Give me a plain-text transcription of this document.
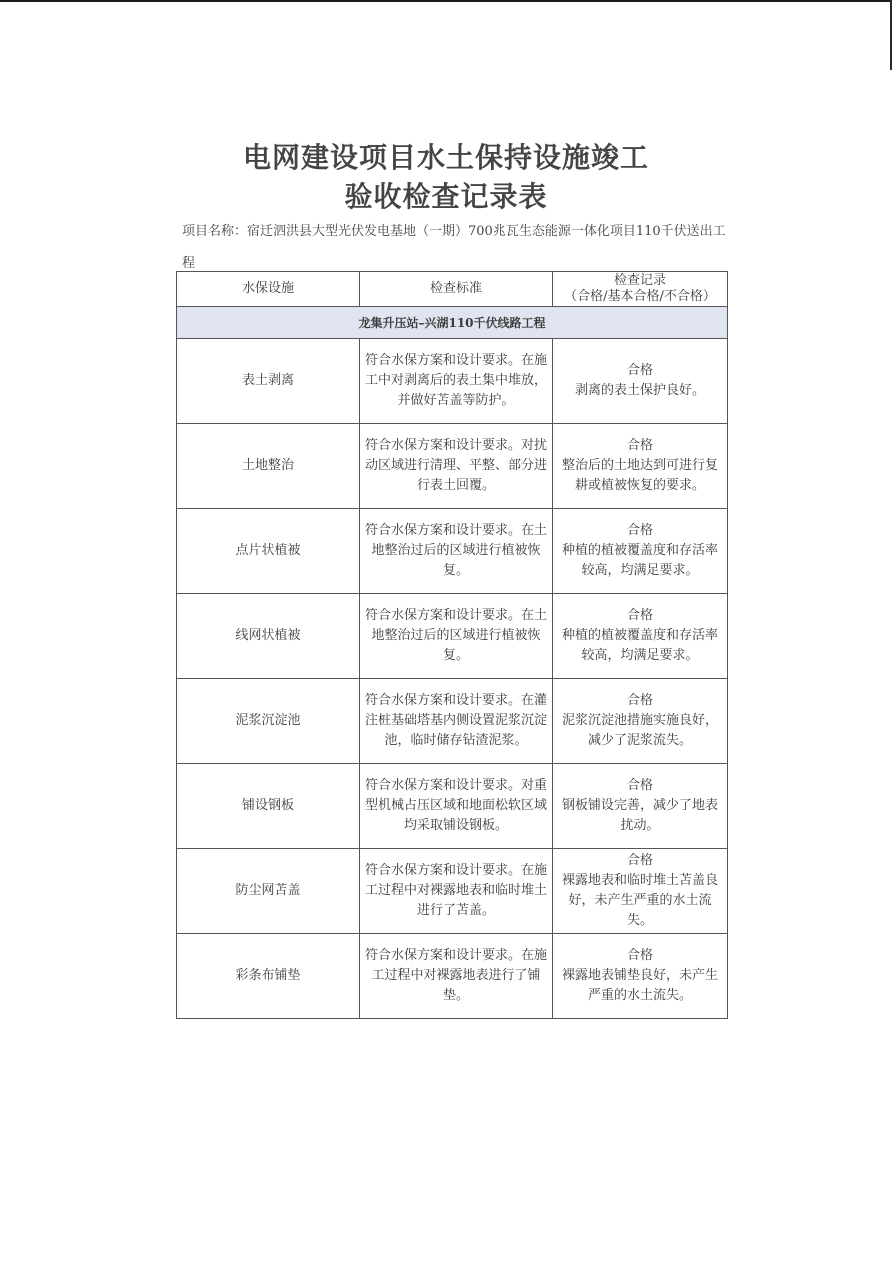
电网建设项目水土保持设施竣工
验收检查记录表
项目名称：宿迁泗洪县大型光伏发电基地（一期）700兆瓦生态能源一体化项目110千伏送出工程
水保设施	检查标准	检查记录
（合格/基本合格/不合格）

龙集升压站–兴湖110千伏线路工程		
表土剥离	符合水保方案和设计要求。在施工中对剥离后的表土集中堆放，并做好苫盖等防护。	合格
剥离的表土保护良好。

土地整治	符合水保方案和设计要求。对扰动区域进行清理、平整、部分进行表土回覆。	合格
整治后的土地达到可进行复耕或植被恢复的要求。

点片状植被	符合水保方案和设计要求。在土地整治过后的区域进行植被恢复。	合格
种植的植被覆盖度和存活率较高，均满足要求。

线网状植被	符合水保方案和设计要求。在土地整治过后的区域进行植被恢复。	合格
种植的植被覆盖度和存活率较高，均满足要求。

泥浆沉淀池	符合水保方案和设计要求。在灌注桩基础塔基内侧设置泥浆沉淀池，临时储存钻渣泥浆。	合格
泥浆沉淀池措施实施良好，减少了泥浆流失。

铺设钢板	符合水保方案和设计要求。对重型机械占压区域和地面松软区域均采取铺设钢板。	合格
钢板铺设完善，减少了地表扰动。

防尘网苫盖	符合水保方案和设计要求。在施工过程中对裸露地表和临时堆土进行了苫盖。	合格
裸露地表和临时堆土苫盖良好，未产生严重的水土流失。

彩条布铺垫	符合水保方案和设计要求。在施工过程中对裸露地表进行了铺垫。	合格
裸露地表铺垫良好，未产生严重的水土流失。
